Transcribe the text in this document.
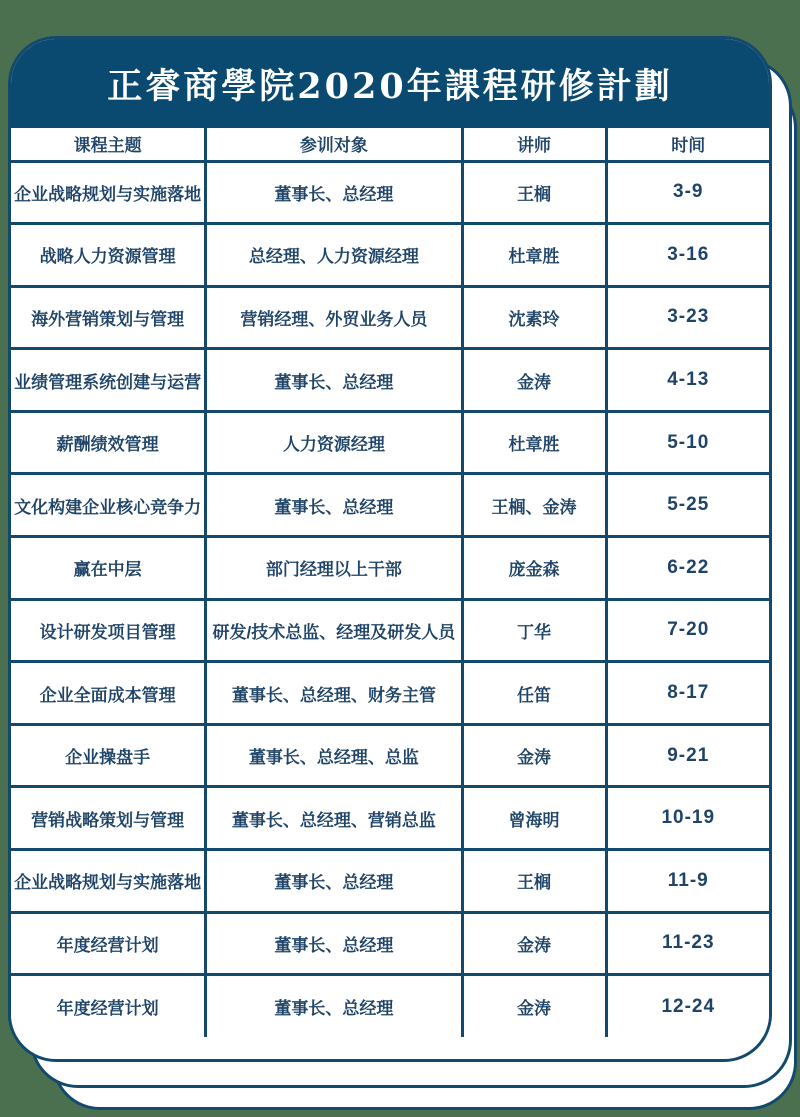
正睿商學院2020年課程研修計劃
课程主题	参训对象	讲师	时间
企业战略规划与实施落地	董事长、总经理	王榈	3-9
战略人力资源管理	总经理、人力资源经理	杜章胜	3-16
海外营销策划与管理	营销经理、外贸业务人员	沈素玲	3-23
业绩管理系统创建与运营	董事长、总经理	金涛	4-13
薪酬绩效管理	人力资源经理	杜章胜	5-10
文化构建企业核心竞争力	董事长、总经理	王榈、金涛	5-25
赢在中层	部门经理以上干部	庞金森	6-22
设计研发项目管理	研发/技术总监、经理及研发人员	丁华	7-20
企业全面成本管理	董事长、总经理、财务主管	任笛	8-17
企业操盘手	董事长、总经理、总监	金涛	9-21
营销战略策划与管理	董事长、总经理、营销总监	曾海明	10-19
企业战略规划与实施落地	董事长、总经理	王榈	11-9
年度经营计划	董事长、总经理	金涛	11-23
年度经营计划	董事长、总经理	金涛	12-24
